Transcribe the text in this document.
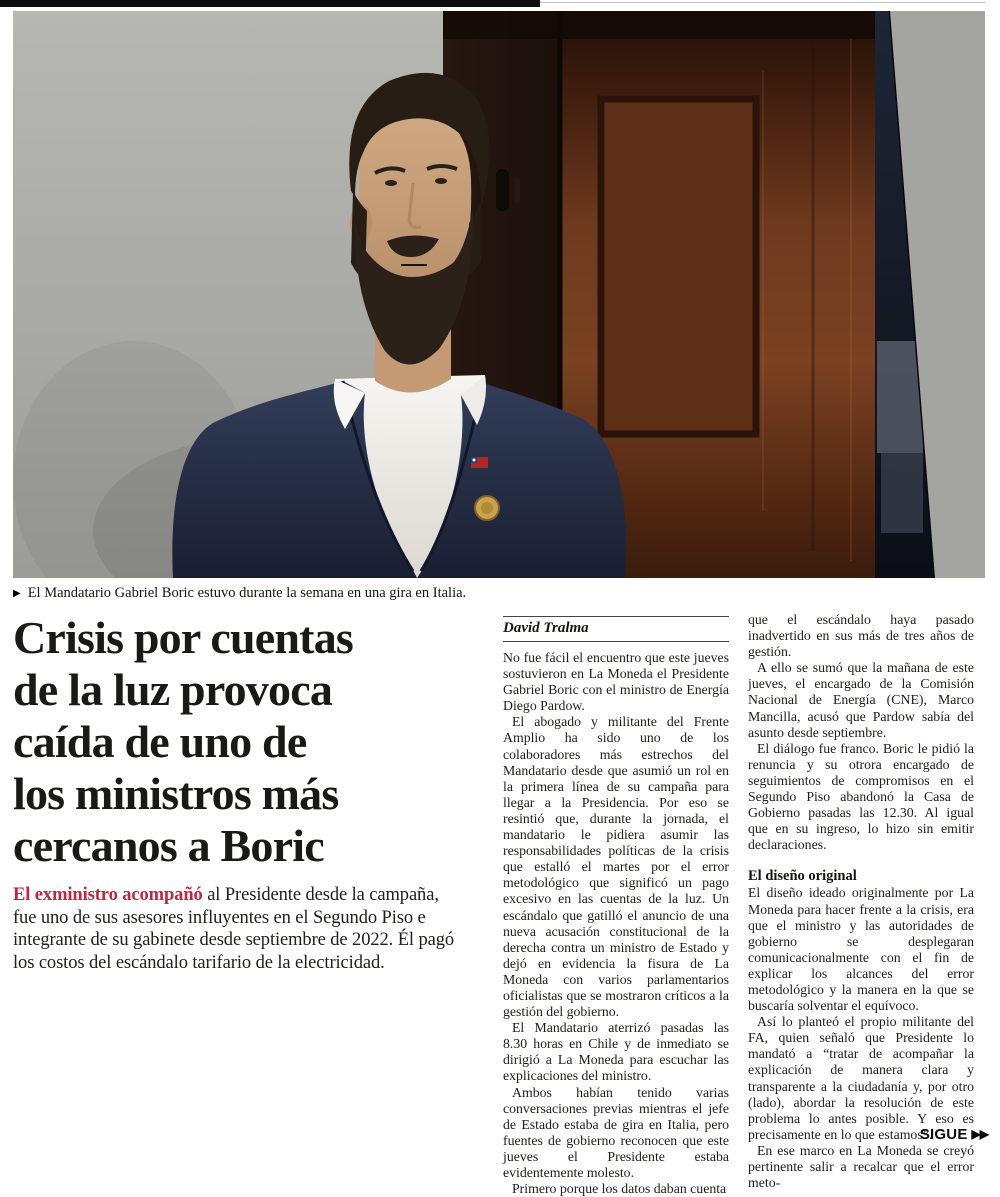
▶ El Mandatario Gabriel Boric estuvo durante la semana en una gira en Italia.
Crisis por cuentas
de la luz provoca
caída de uno de
los ministros más
cercanos a Boric

El exministro acompañó al Presidente desde la campaña, fue uno de sus asesores influyentes en el Segundo Piso e integrante de su gabinete desde septiembre de 2022. Él pagó los costos del escándalo tarifario de la electricidad.

David Tralma

No fue fácil el encuentro que este jueves sostuvieron en La Moneda el Presidente Gabriel Boric con el ministro de Energía Diego Pardow.

El abogado y militante del Frente Amplio ha sido uno de los colaboradores más estrechos del Mandatario desde que asumió un rol en la primera línea de su campaña para llegar a la Presidencia. Por eso se resintió que, durante la jornada, el mandatario le pidiera asumir las responsabilidades políticas de la crisis que estalló el martes por el error metodológico que significó un pago excesivo en las cuentas de la luz. Un escándalo que gatilló el anuncio de una nueva acusación constitucional de la derecha contra un ministro de Estado y dejó en evidencia la fisura de La Moneda con varios parlamentarios oficialistas que se mostraron críticos a la gestión del gobierno.

El Mandatario aterrizó pasadas las 8.30 horas en Chile y de inmediato se dirigió a La Moneda para escuchar las explicaciones del ministro.

Ambos habían tenido varias conversaciones previas mientras el jefe de Estado estaba de gira en Italia, pero fuentes de gobierno reconocen que este jueves el Presidente estaba evidentemente molesto.

Primero porque los datos daban cuenta

que el escándalo haya pasado inadvertido en sus más de tres años de gestión.

A ello se sumó que la mañana de este jueves, el encargado de la Comisión Nacional de Energía (CNE), Marco Mancilla, acusó que Pardow sabía del asunto desde septiembre.

El diálogo fue franco. Boric le pidió la renuncia y su otrora encargado de seguimientos de compromisos en el Segundo Piso abandonó la Casa de Gobierno pasadas las 12.30. Al igual que en su ingreso, lo hizo sin emitir declaraciones.

El diseño original

El diseño ideado originalmente por La Moneda para hacer frente a la crisis, era que el ministro y las autoridades de gobierno se desplegaran comunicacionalmente con el fin de explicar los alcances del error metodológico y la manera en la que se buscaría solventar el equívoco.

Así lo planteó el propio militante del FA, quien señaló que Presidente lo mandató a “tratar de acompañar la explicación de manera clara y transparente a la ciudadanía y, por otro (lado), abordar la resolución de este problema lo antes posible. Y eso es precisamente en lo que estamos”.

En ese marco en La Moneda se creyó pertinente salir a recalcar que el error meto-

SIGUE ▶▶
